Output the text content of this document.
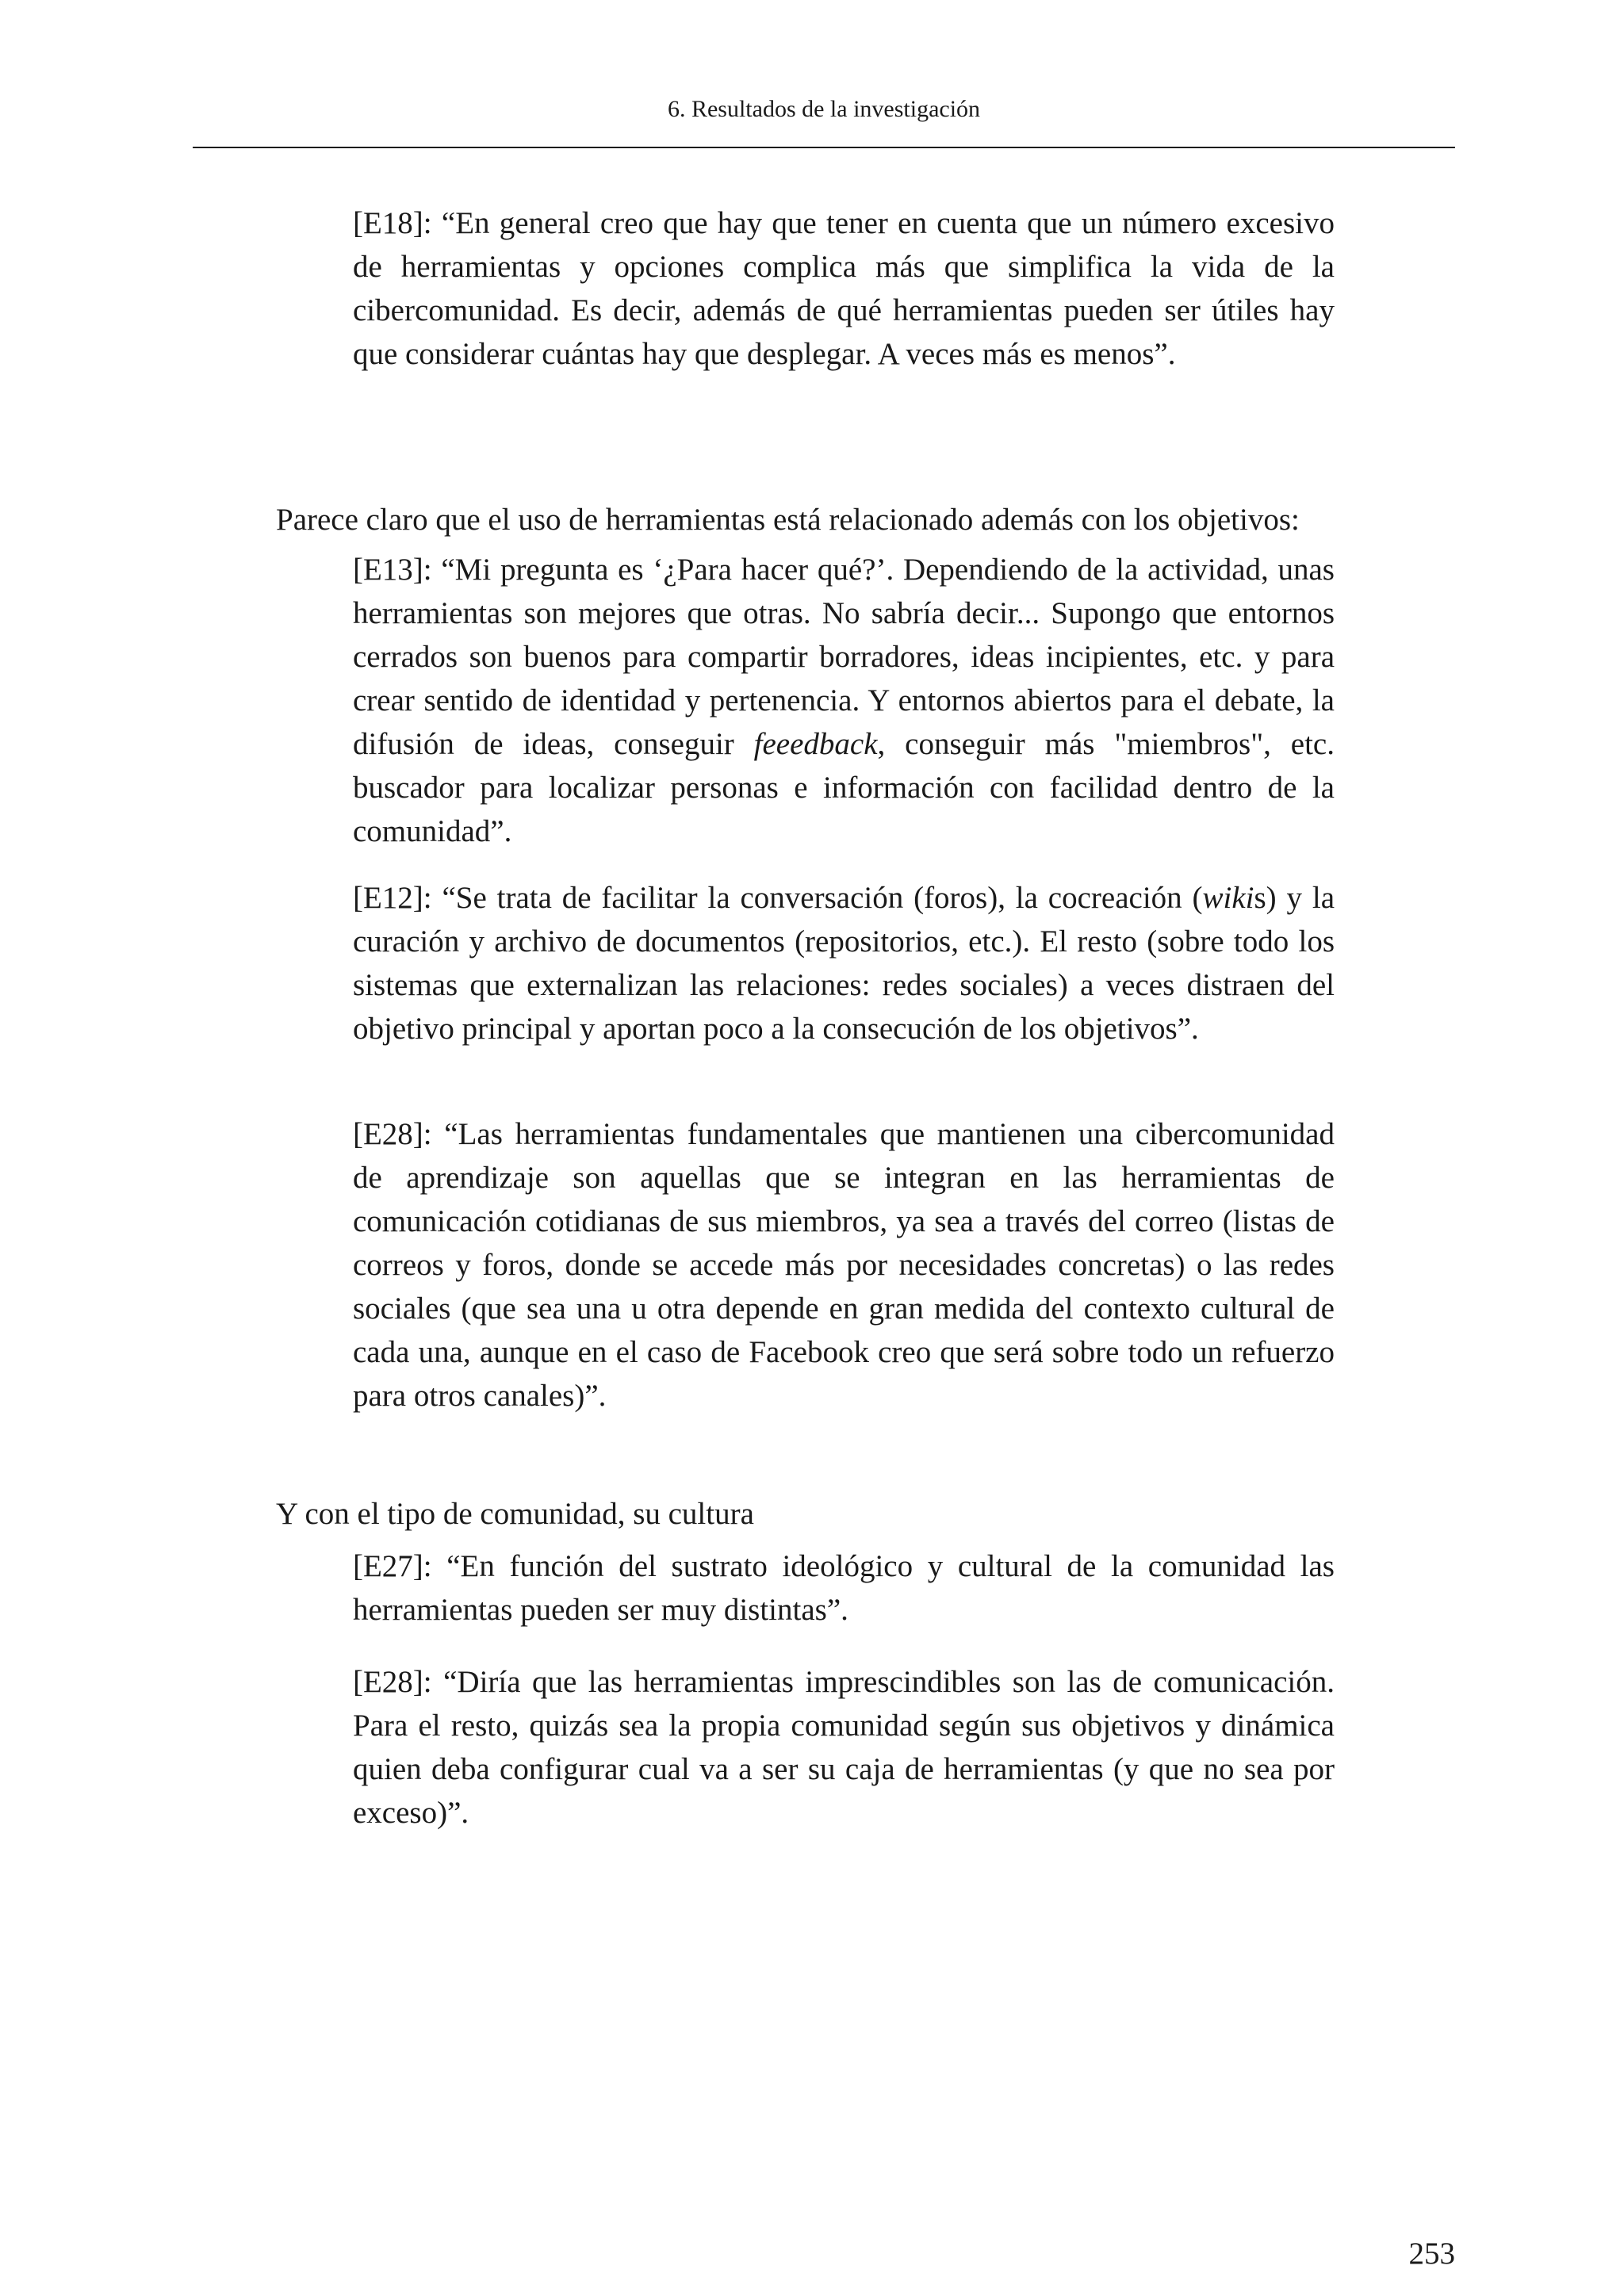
6. Resultados de la investigación

[E18]: “En general creo que hay que tener en cuenta que un número excesivo de herramientas y opciones complica más que simplifica la vida de la cibercomunidad. Es decir, además de qué herramientas pueden ser útiles hay que considerar cuántas hay que desplegar. A veces más es menos”.

Parece claro que el uso de herramientas está relacionado además con los objetivos:

[E13]: “Mi pregunta es ‘¿Para hacer qué?’. Dependiendo de la actividad, unas herramientas son mejores que otras. No sabría decir... Supongo que entornos cerrados son buenos para compartir borradores, ideas incipientes, etc. y para crear sentido de identidad y pertenencia. Y entornos abiertos para el debate, la difusión de ideas, conseguir feeedback, conseguir más "miembros", etc. buscador para localizar personas e información con facilidad dentro de la comunidad”.

[E12]: “Se trata de facilitar la conversación (foros), la cocreación (wikis) y la curación y archivo de documentos (repositorios, etc.). El resto (sobre todo los sistemas que externalizan las relaciones: redes sociales) a veces distraen del objetivo principal y aportan poco a la consecución de los objetivos”.

[E28]: “Las herramientas fundamentales que mantienen una cibercomunidad de aprendizaje son aquellas que se integran en las herramientas de comunicación cotidianas de sus miembros, ya sea a través del correo (listas de correos y foros, donde se accede más por necesidades concretas) o las redes sociales (que sea una u otra depende en gran medida del contexto cultural de cada una, aunque en el caso de Facebook creo que será sobre todo un refuerzo para otros canales)”.

Y con el tipo de comunidad, su cultura

[E27]: “En función del sustrato ideológico y cultural de la comunidad las herramientas pueden ser muy distintas”.

[E28]: “Diría que las herramientas imprescindibles son las de comunicación. Para el resto, quizás sea la propia comunidad según sus objetivos y dinámica quien deba configurar cual va a ser su caja de herramientas (y que no sea por exceso)”.

253
